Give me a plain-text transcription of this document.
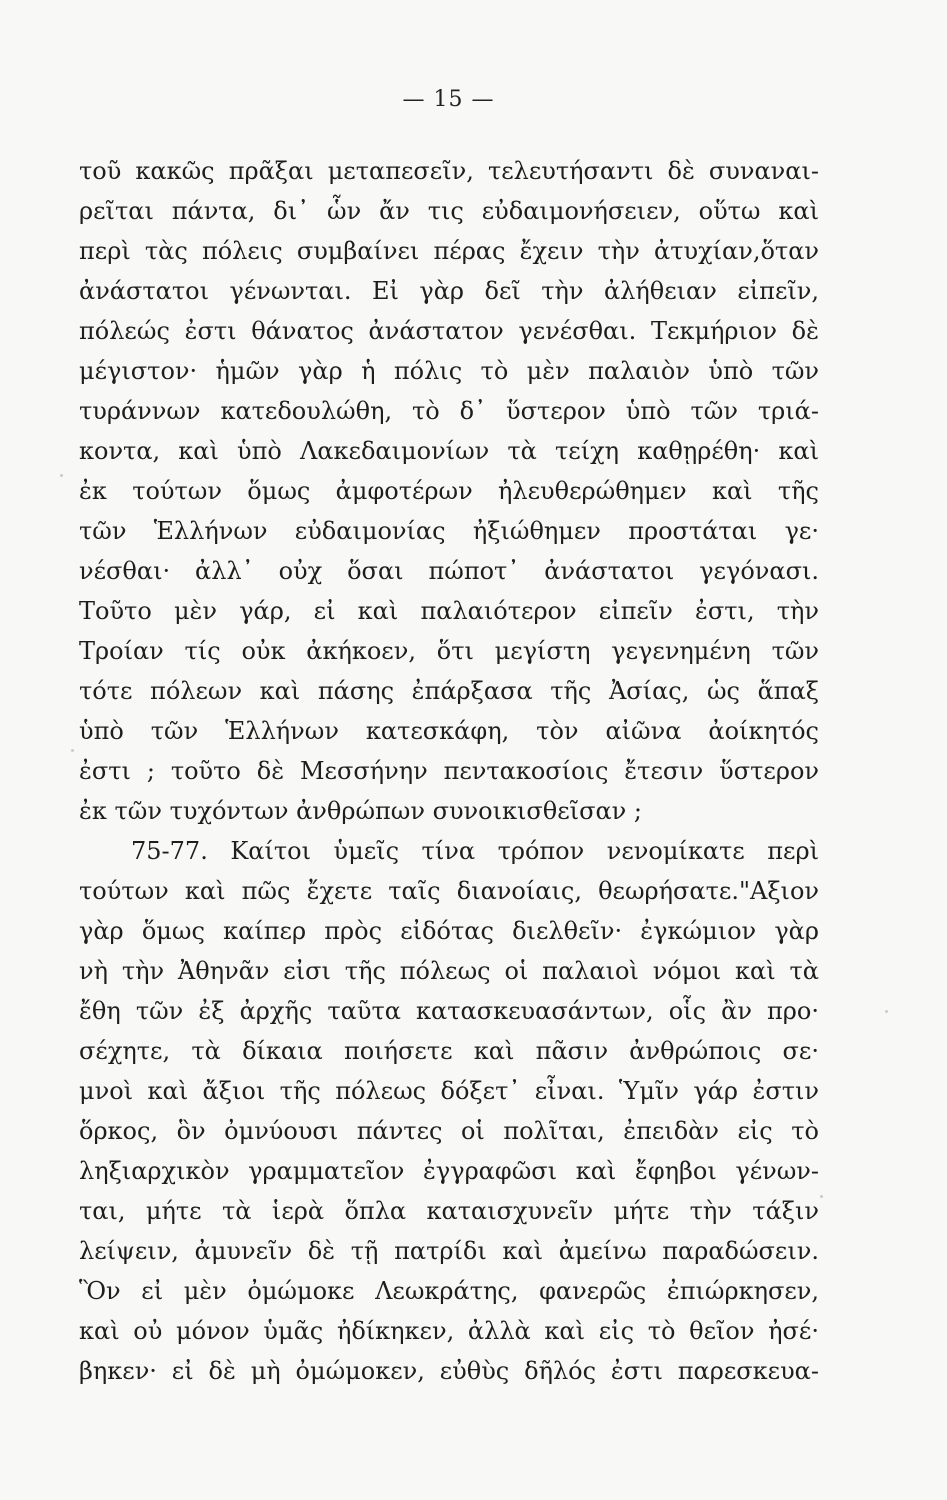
— 15 —
τοῦ κακῶς πρᾶξαι μεταπεσεῖν, τελευτήσαντι δὲ συναναι-
ρεῖται πάντα, δι᾽ ὧν ἄν τις εὐδαιμονήσειεν, οὕτω καὶ
περὶ τὰς πόλεις συμβαίνει πέρας ἔχειν τὴν ἀτυχίαν,ὅταν
ἀνάστατοι γένωνται. Εἰ γὰρ δεῖ τὴν ἀλήθειαν εἰπεῖν,
πόλεώς ἐστι θάνατος ἀνάστατον γενέσθαι. Τεκμήριον δὲ
μέγιστον· ἡμῶν γὰρ ἡ πόλις τὸ μὲν παλαιὸν ὑπὸ τῶν
τυράννων κατεδουλώθη, τὸ δ᾽ ὕστερον ὑπὸ τῶν τριά-
κοντα, καὶ ὑπὸ Λακεδαιμονίων τὰ τείχη καθῃρέθη· καὶ
ἐκ τούτων ὅμως ἀμφοτέρων ἠλευθερώθημεν καὶ τῆς
τῶν Ἑλλήνων εὐδαιμονίας ἠξιώθημεν προστάται γε·
νέσθαι· ἀλλ᾽ οὐχ ὅσαι πώποτ᾽ ἀνάστατοι γεγόνασι.
Τοῦτο μὲν γάρ, εἰ καὶ παλαιότερον εἰπεῖν ἐστι, τὴν
Τροίαν τίς οὐκ ἀκήκοεν, ὅτι μεγίστη γεγενημένη τῶν
τότε πόλεων καὶ πάσης ἐπάρξασα τῆς Ἀσίας, ὡς ἅπαξ
ὑπὸ τῶν Ἑλλήνων κατεσκάφη, τὸν αἰῶνα ἀοίκητός
ἐστι ; τοῦτο δὲ Μεσσήνην πεντακοσίοις ἔτεσιν ὕστερον
ἐκ τῶν τυχόντων ἀνθρώπων συνοικισθεῖσαν ;
75-77. Καίτοι ὑμεῖς τίνα τρόπον νενομίκατε περὶ
τούτων καὶ πῶς ἔχετε ταῖς διανοίαις, θεωρήσατε."Αξιον
γὰρ ὅμως καίπερ πρὸς εἰδότας διελθεῖν· ἐγκώμιον γὰρ
νὴ τὴν Ἀθηνᾶν εἰσι τῆς πόλεως οἱ παλαιοὶ νόμοι καὶ τὰ
ἔθη τῶν ἐξ ἀρχῆς ταῦτα κατασκευασάντων, οἷς ἂν προ·
σέχητε, τὰ δίκαια ποιήσετε καὶ πᾶσιν ἀνθρώποις σε·
μνοὶ καὶ ἄξιοι τῆς πόλεως δόξετ᾽ εἶναι. Ὑμῖν γάρ ἐστιν
ὅρκος, ὃν ὀμνύουσι πάντες οἱ πολῖται, ἐπειδὰν εἰς τὸ
ληξιαρχικὸν γραμματεῖον ἐγγραφῶσι καὶ ἔφηβοι γένων-
ται, μήτε τὰ ἱερὰ ὅπλα καταισχυνεῖν μήτε τὴν τάξιν
λείψειν, ἀμυνεῖν δὲ τῇ πατρίδι καὶ ἀμείνω παραδώσειν.
Ὃν εἰ μὲν ὀμώμοκε Λεωκράτης, φανερῶς ἐπιώρκησεν,
καὶ οὐ μόνον ὑμᾶς ἠδίκηκεν, ἀλλὰ καὶ εἰς τὸ θεῖον ἠσέ·
βηκεν· εἰ δὲ μὴ ὀμώμοκεν, εὐθὺς δῆλός ἐστι παρεσκευα-
